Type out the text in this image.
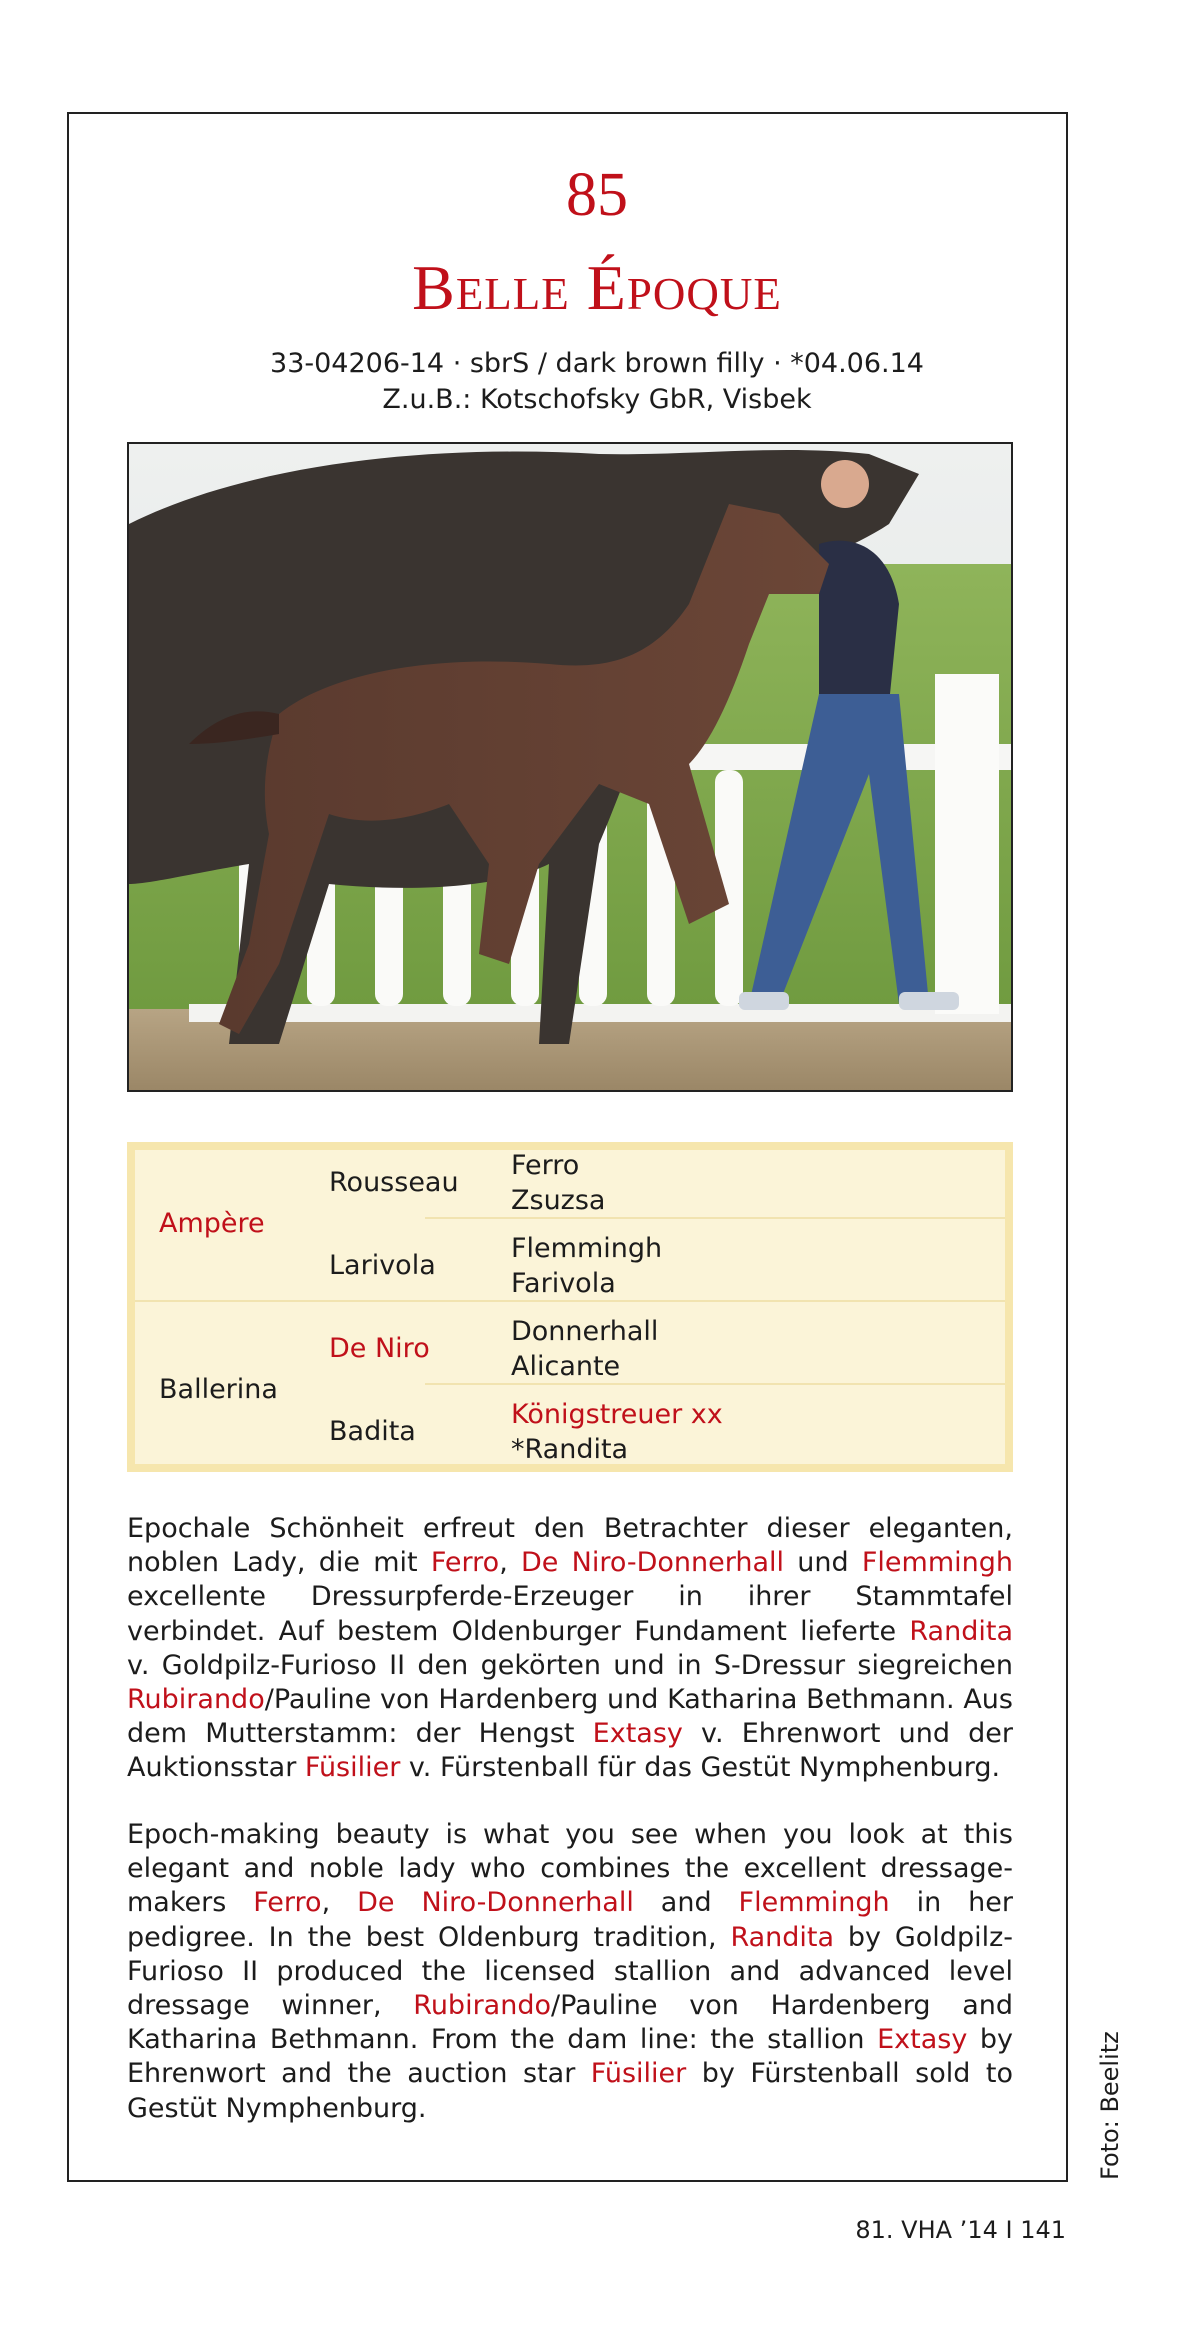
85
Belle Époque
33-04206-14 · sbrS / dark brown filly · *04.06.14
Z.u.B.: Kotschofsky GbR, Visbek
Ampère
Ballerina
Rousseau
Larivola
De Niro
Badita
Ferro
Zsuzsa
Flemmingh
Farivola
Donnerhall
Alicante
Königstreuer xx
*Randita

Epochale Schönheit erfreut den Betrachter dieser eleganten, noblen Lady, die mit Ferro, De Niro-Donnerhall und Flemmingh excellente Dressurpferde-Erzeuger in ihrer Stammtafel verbindet. Auf bestem Oldenburger Fundament lieferte Randita v. Goldpilz-Furioso II den gekörten und in S-Dressur siegreichen Rubirando/Pauline von Hardenberg und Katharina Bethmann. Aus dem Mutterstamm: der Hengst Extasy v. Ehrenwort und der Auktionsstar Füsilier v. Fürstenball für das Gestüt Nymphenburg.

Epoch-making beauty is what you see when you look at this elegant and noble lady who combines the excellent dressage-makers Ferro, De Niro-Donnerhall and Flemmingh in her pedigree. In the best Oldenburg tradition, Randita by Goldpilz-Furioso II produced the licensed stallion and advanced level dressage winner, Rubirando/Pauline von Hardenberg and Katharina Bethmann. From the dam line: the stallion Extasy by Ehrenwort and the auction star Füsilier by Fürstenball sold to Gestüt Nymphenburg.	Foto: Beelitz
81. VHA ’14 I 141
